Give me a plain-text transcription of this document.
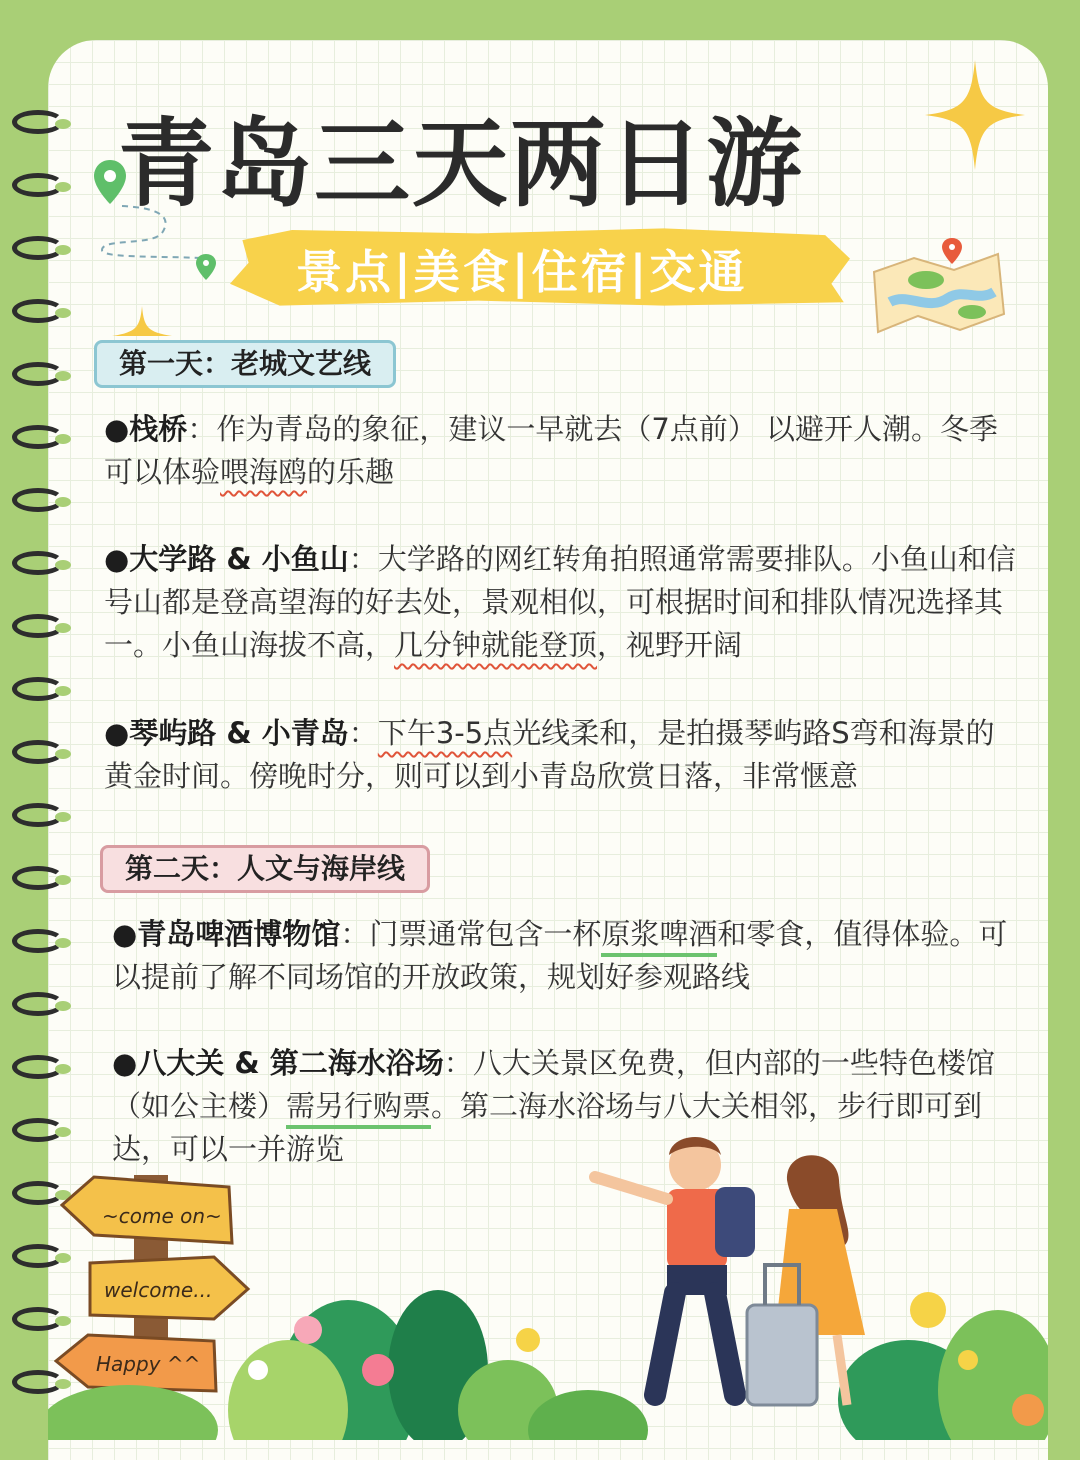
青岛三天两日游
景点|美食|住宿|交通
第一天：老城文艺线

●栈桥：作为青岛的象征，建议一早就去（7点前） 以避开人潮。冬季可以体验喂海鸥的乐趣

●大学路 & 小鱼山：大学路的网红转角拍照通常需要排队。小鱼山和信号山都是登高望海的好去处，景观相似，可根据时间和排队情况选择其一。小鱼山海拔不高，几分钟就能登顶，视野开阔

●琴屿路 & 小青岛：下午3-5点光线柔和，是拍摄琴屿路S弯和海景的黄金时间。傍晚时分，则可以到小青岛欣赏日落，非常惬意

第二天：人文与海岸线

●青岛啤酒博物馆：门票通常包含一杯原浆啤酒和零食，值得体验。可以提前了解不同场馆的开放政策，规划好参观路线

●八大关 & 第二海水浴场：八大关景区免费，但内部的一些特色楼馆（如公主楼）需另行购票。第二海水浴场与八大关相邻，步行即可到达，可以一并游览

~come on~
welcome...
Happy ^^
